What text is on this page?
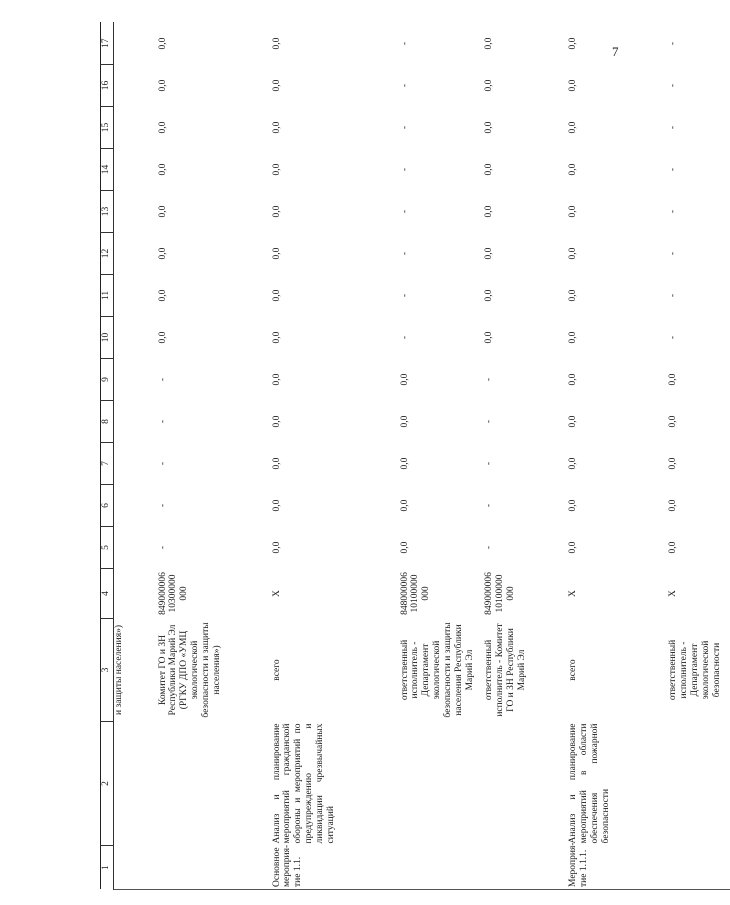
7
1	2	3	4	5	6	7	8	9	10	11	12	13	14	15	16	17
		и защиты населения»)														
		Комитет ГО и ЗН Республики Марий Эл (РГКУ ДПО «УМЦ экологической безопасности и защиты населения»)	849000006 10300000 000	-	-	-	-	-	0,0	0,0	0,0	0,0	0,0	0,0	0,0	0,0
Основное мероприя-тие 1.1.	Анализ и планирование мероприятий гражданской обороны и мероприятий по предупреждению и ликвидации чрезвычайных ситуаций	всего	Х	0,0	0,0	0,0	0,0	0,0	0,0	0,0	0,0	0,0	0,0	0,0	0,0	0,0
		ответственный исполнитель - Департамент экологической безопасности и защиты населения Республики Марий Эл	848000006 10100000 000	0,0	0,0	0,0	0,0	0,0	-	-	-	-	-	-	-	-
		ответственный исполнитель - Комитет ГО и ЗН Республики Марий Эл	849000006 10100000 000	-	-	-	-	-	0,0	0,0	0,0	0,0	0,0	0,0	0,0	0,0
Мероприя-тие 1.1.1.	Анализ и планирование мероприятий в области обеспечения пожарной безопасности	всего	Х	0,0	0,0	0,0	0,0	0,0	0,0	0,0	0,0	0,0	0,0	0,0	0,0	0,0
		ответственный исполнитель - Департамент экологической безопасности	Х	0,0	0,0	0,0	0,0	0,0	-	-	-	-	-	-	-	-
